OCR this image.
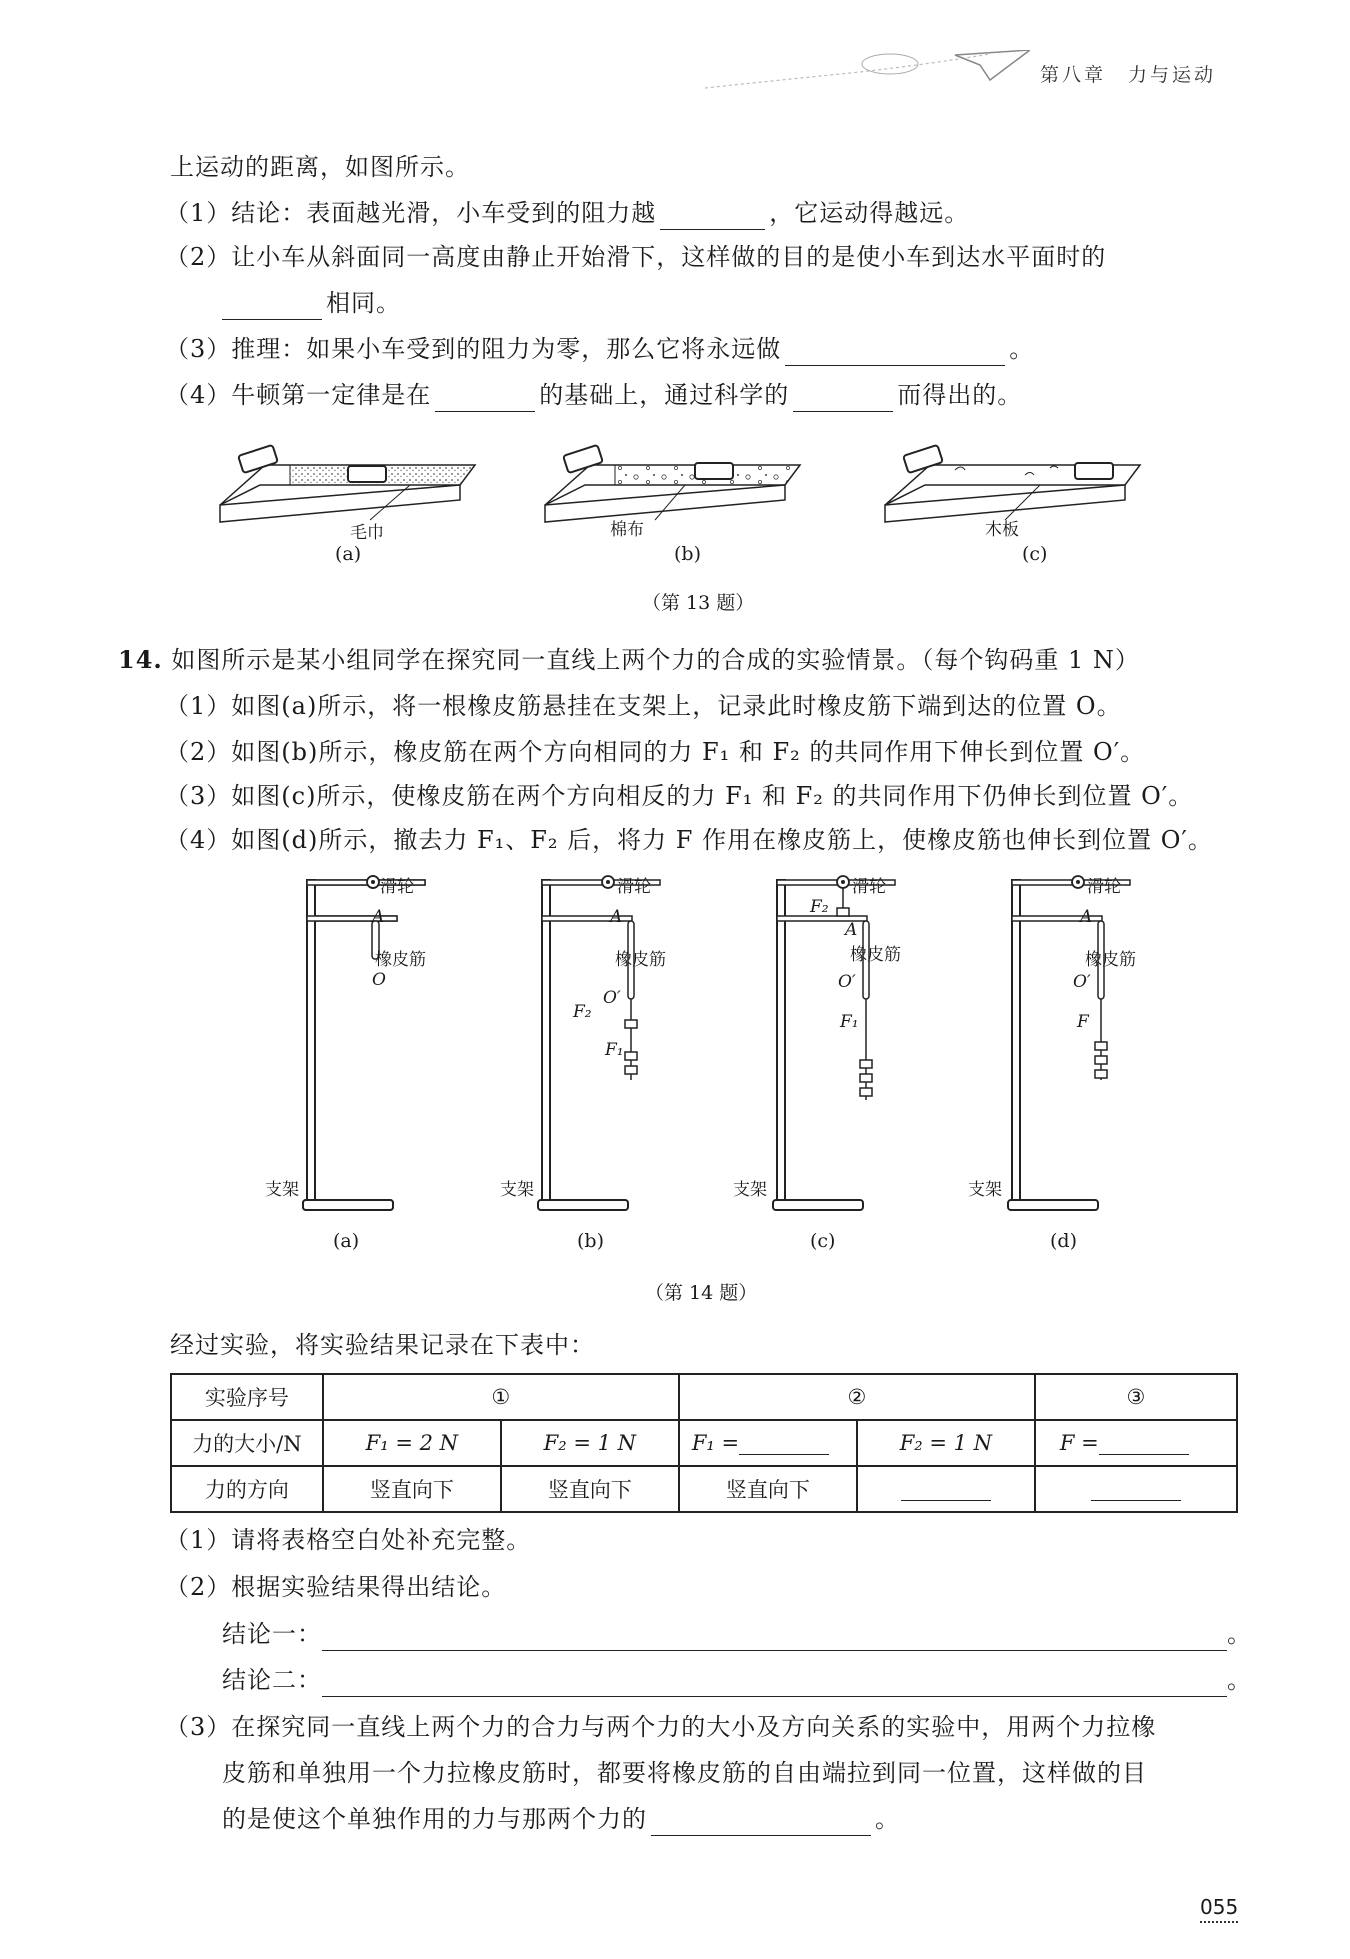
第八章　力与运动
上运动的距离，如图所示。
（1）结论：表面越光滑，小车受到的阻力越	，它运动得越远。
（2）让小车从斜面同一高度由静止开始滑下，这样做的目的是使小车到达水平面时的
相同。
（3）推理：如果小车受到的阻力为零，那么它将永远做	。
（4）牛顿第一定律是在	的基础上，通过科学的	而得出的。
毛巾	棉布	木板
(a)	(b)	(c)
（第 13 题）
14. 如图所示是某小组同学在探究同一直线上两个力的合成的实验情景。（每个钩码重 1 N）
（1）如图(a)所示，将一根橡皮筋悬挂在支架上，记录此时橡皮筋下端到达的位置 O。
（2）如图(b)所示，橡皮筋在两个方向相同的力 F₁ 和 F₂ 的共同作用下伸长到位置 O′。
（3）如图(c)所示，使橡皮筋在两个方向相反的力 F₁ 和 F₂ 的共同作用下仍伸长到位置 O′。
（4）如图(d)所示，撤去力 F₁、F₂ 后，将力 F 作用在橡皮筋上，使橡皮筋也伸长到位置 O′。
滑轮
A
橡皮筋
O
支架
滑轮
A
橡皮筋
O′
F₂
F₁
支架
滑轮
F₂
A
橡皮筋
O′
F₁
支架
滑轮
A
橡皮筋
O′
F
支架
(a)	(b)	(c)	(d)
（第 14 题）
经过实验，将实验结果记录在下表中：
实验序号	①		②		③
力的大小/N	F₁ = 2 N	F₂ = 1 N	F₁ =	F₂ = 1 N	F =
力的方向	竖直向下	竖直向下	竖直向下		
（1）请将表格空白处补充完整。
（2）根据实验结果得出结论。
结论一：	。
结论二：	。
（3）在探究同一直线上两个力的合力与两个力的大小及方向关系的实验中，用两个力拉橡
皮筋和单独用一个力拉橡皮筋时，都要将橡皮筋的自由端拉到同一位置，这样做的目
的是使这个单独作用的力与那两个力的	。
055
